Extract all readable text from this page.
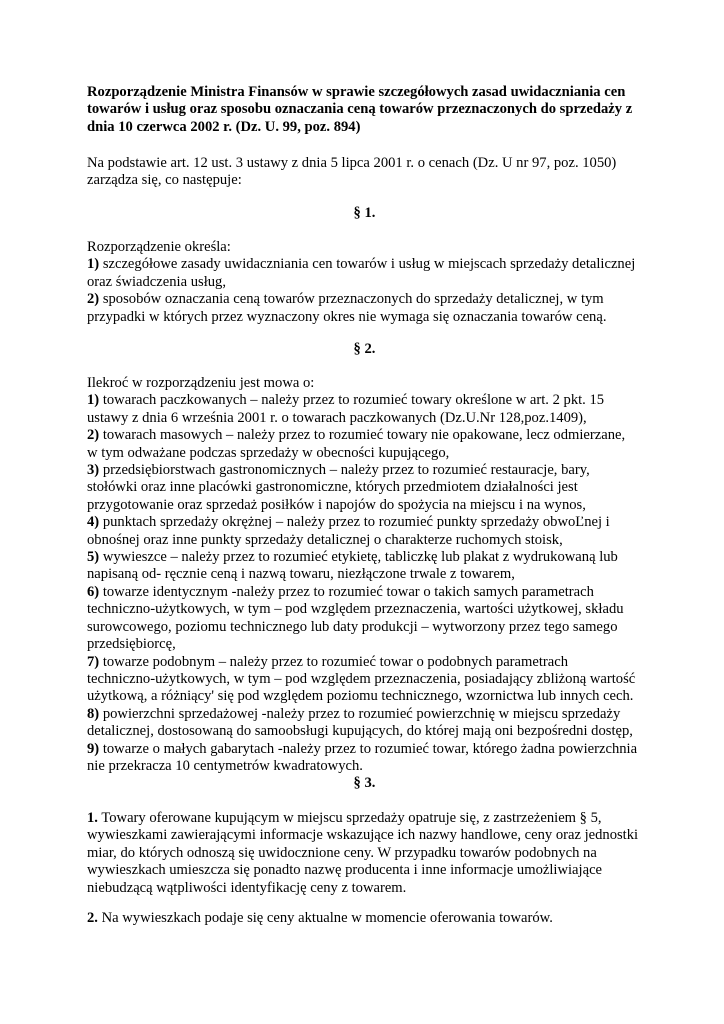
Rozporządzenie Ministra Finansów w sprawie szczegółowych zasad uwidaczniania cen
towarów i usług oraz sposobu oznaczania ceną towarów przeznaczonych do sprzedaży z
dnia 10 czerwca 2002 r. (Dz. U. 99, poz. 894)
Na podstawie art. 12 ust. 3 ustawy z dnia 5 lipca 2001 r. o cenach (Dz. U nr 97, poz. 1050)
zarządza się, co następuje:

§ 1.

Rozporządzenie określa:
1) szczegółowe zasady uwidaczniania cen towarów i usług w miejscach sprzedaży detalicznej
oraz świadczenia usług,
2) sposobów oznaczania ceną towarów przeznaczonych do sprzedaży detalicznej, w tym
przypadki w których przez wyznaczony okres nie wymaga się oznaczania towarów ceną.

§ 2.

Ilekroć w rozporządzeniu jest mowa o:
1) towarach paczkowanych – należy przez to rozumieć towary określone w art. 2 pkt. 15
ustawy z dnia 6 września 2001 r. o towarach paczkowanych (Dz.U.Nr 128,poz.1409),
2) towarach masowych – należy przez to rozumieć towary nie opakowane, lecz odmierzane,
w tym odważane podczas sprzedaży w obecności kupującego,
3) przedsiębiorstwach gastronomicznych – należy przez to rozumieć restauracje, bary,
stołówki oraz inne placówki gastronomiczne, których przedmiotem działalności jest
przygotowanie oraz sprzedaż posiłków i napojów do spożycia na miejscu i na wynos,
4) punktach sprzedaży okrężnej – należy przez to rozumieć punkty sprzedaży obwoĽnej i
obnośnej oraz inne punkty sprzedaży detalicznej o charakterze ruchomych stoisk,
5) wywieszce – należy przez to rozumieć etykietę, tabliczkę lub plakat z wydrukowaną lub
napisaną od- ręcznie ceną i nazwą towaru, niezłączone trwale z towarem,
6) towarze identycznym -należy przez to rozumieć towar o takich samych parametrach
techniczno-użytkowych, w tym – pod względem przeznaczenia, wartości użytkowej, składu
surowcowego, poziomu technicznego lub daty produkcji – wytworzony przez tego samego
przedsiębiorcę,
7) towarze podobnym – należy przez to rozumieć towar o podobnych parametrach
techniczno-użytkowych, w tym – pod względem przeznaczenia, posiadający zbliżoną wartość
użytkową, a różniący' się pod względem poziomu technicznego, wzornictwa lub innych cech.
8) powierzchni sprzedażowej -należy przez to rozumieć powierzchnię w miejscu sprzedaży
detalicznej, dostosowaną do samoobsługi kupujących, do której mają oni bezpośredni dostęp,
9) towarze o małych gabarytach -należy przez to rozumieć towar, którego żadna powierzchnia
nie przekracza 10 centymetrów kwadratowych.

§ 3.

1. Towary oferowane kupującym w miejscu sprzedaży opatruje się, z zastrzeżeniem § 5,
wywieszkami zawierającymi informacje wskazujące ich nazwy handlowe, ceny oraz jednostki
miar, do których odnoszą się uwidocznione ceny. W przypadku towarów podobnych na
wywieszkach umieszcza się ponadto nazwę producenta i inne informacje umożliwiające
niebudzącą wątpliwości identyfikację ceny z towarem.
2. Na wywieszkach podaje się ceny aktualne w momencie oferowania towarów.
